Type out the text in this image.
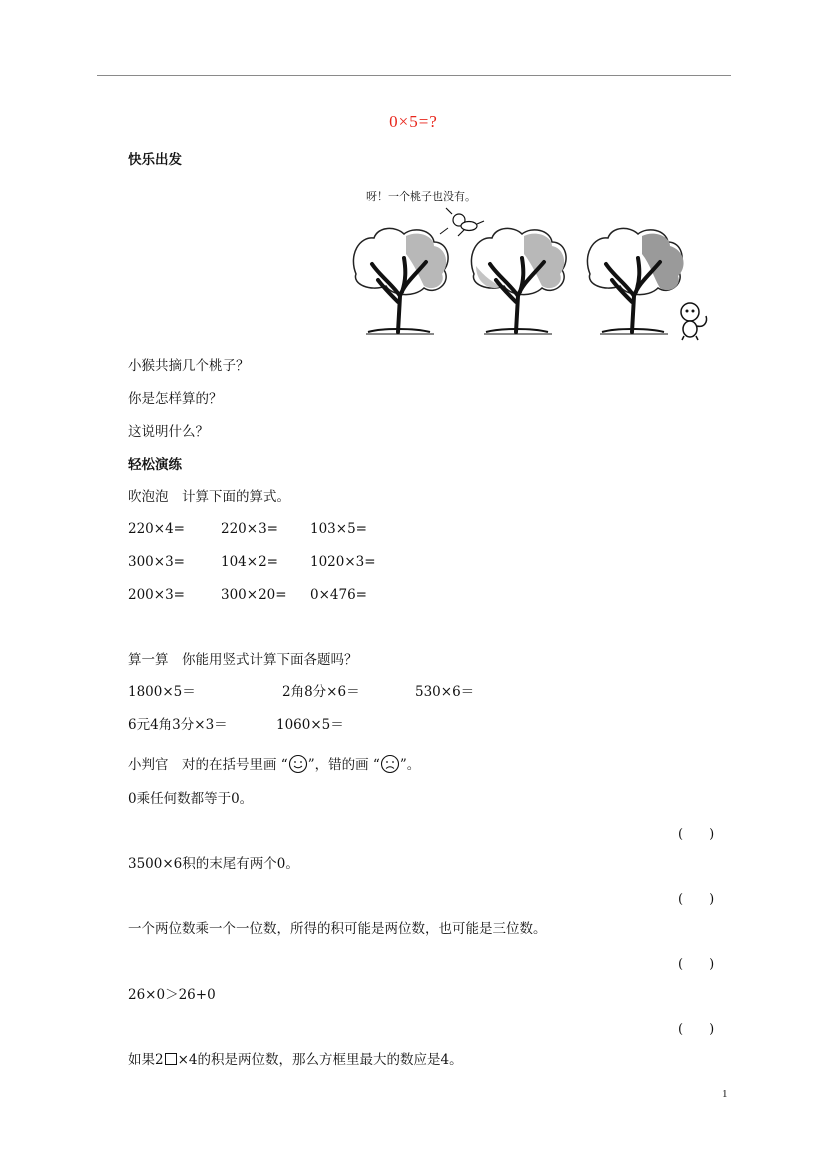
0×5=?
快乐出发
呀！一个桃子也没有。
小猴共摘几个桃子？
你是怎样算的？
这说明什么？
轻松演练
吹泡泡　计算下面的算式。
220×4=	220×3= 103×5=
300×3=	104×2= 1020×3=
200×3=	300×20= 0×476=
算一算　你能用竖式计算下面各题吗？
1800×5＝	2角8分×6＝	530×6＝
6元4角3分×3＝	1060×5＝
小判官　对的在括号里画 “ ”，错的画 “ ”。
0乘任何数都等于0。
(　　)
3500×6积的末尾有两个0。
(　　)
一个两位数乘一个一位数，所得的积可能是两位数，也可能是三位数。
(　　)
26×0＞26+0
(　　)
如果2 ×4的积是两位数，那么方框里最大的数应是4。
1
